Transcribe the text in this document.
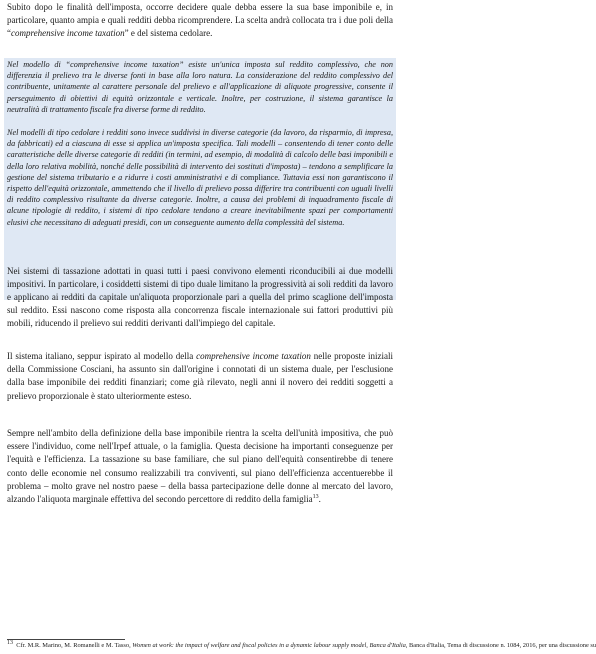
Subito dopo le finalità dell'imposta, occorre decidere quale debba essere la sua base imponibile e, in particolare, quanto ampia e quali redditi debba ricomprendere. La scelta andrà collocata tra i due poli della “comprehensive income taxation” e del sistema cedolare.

Nel modello di “comprehensive income taxation” esiste un'unica imposta sul reddito complessivo, che non differenzia il prelievo tra le diverse fonti in base alla loro natura. La considerazione del reddito complessivo del contribuente, unitamente al carattere personale del prelievo e all'applicazione di aliquote progressive, consente il perseguimento di obiettivi di equità orizzontale e verticale. Inoltre, per costruzione, il sistema garantisce la neutralità di trattamento fiscale fra diverse forme di reddito.

Nel modelli di tipo cedolare i redditi sono invece suddivisi in diverse categorie (da lavoro, da risparmio, di impresa, da fabbricati) ed a ciascuna di esse si applica un'imposta specifica. Tali modelli – consentendo di tener conto delle caratteristiche delle diverse categorie di redditi (in termini, ad esempio, di modalità di calcolo delle basi imponibili e della loro relativa mobilità, nonché delle possibilità di intervento dei sostituti d'imposta) – tendono a semplificare la gestione del sistema tributario e a ridurre i costi amministrativi e di compliance. Tuttavia essi non garantiscono il rispetto dell'equità orizzontale, ammettendo che il livello di prelievo possa differire tra contribuenti con uguali livelli di reddito complessivo risultante da diverse categorie. Inoltre, a causa dei problemi di inquadramento fiscale di alcune tipologie di reddito, i sistemi di tipo cedolare tendono a creare inevitabilmente spazi per comportamenti elusivi che necessitano di adeguati presidi, con un conseguente aumento della complessità del sistema.

Nei sistemi di tassazione adottati in quasi tutti i paesi convivono elementi riconducibili ai due modelli impositivi. In particolare, i cosiddetti sistemi di tipo duale limitano la progressività ai soli redditi da lavoro e applicano ai redditi da capitale un'aliquota proporzionale pari a quella del primo scaglione dell'imposta sul reddito. Essi nascono come risposta alla concorrenza fiscale internazionale sui fattori produttivi più mobili, riducendo il prelievo sui redditi derivanti dall'impiego del capitale.

Il sistema italiano, seppur ispirato al modello della comprehensive income taxation nelle proposte iniziali della Commissione Cosciani, ha assunto sin dall'origine i connotati di un sistema duale, per l'esclusione dalla base imponibile dei redditi finanziari; come già rilevato, negli anni il novero dei redditi soggetti a prelievo proporzionale è stato ulteriormente esteso.

Sempre nell'ambito della definizione della base imponibile rientra la scelta dell'unità impositiva, che può essere l'individuo, come nell'Irpef attuale, o la famiglia. Questa decisione ha importanti conseguenze per l'equità e l'efficienza. La tassazione su base familiare, che sul piano dell'equità consentirebbe di tenere conto delle economie nel consumo realizzabili tra conviventi, sul piano dell'efficienza accentuerebbe il problema – molto grave nel nostro paese – della bassa partecipazione delle donne al mercato del lavoro, alzando l'aliquota marginale effettiva del secondo percettore di reddito della famiglia$^{13}$.

$^{13}$ Cfr. M.R. Marino, M. Romanelli e M. Tasso, Women at work: the impact of welfare and fiscal policies in a dynamic labour supply model, Banca d'Italia, Banca d'Italia, Tema di discussione n. 1084, 2016, per una discussione su
